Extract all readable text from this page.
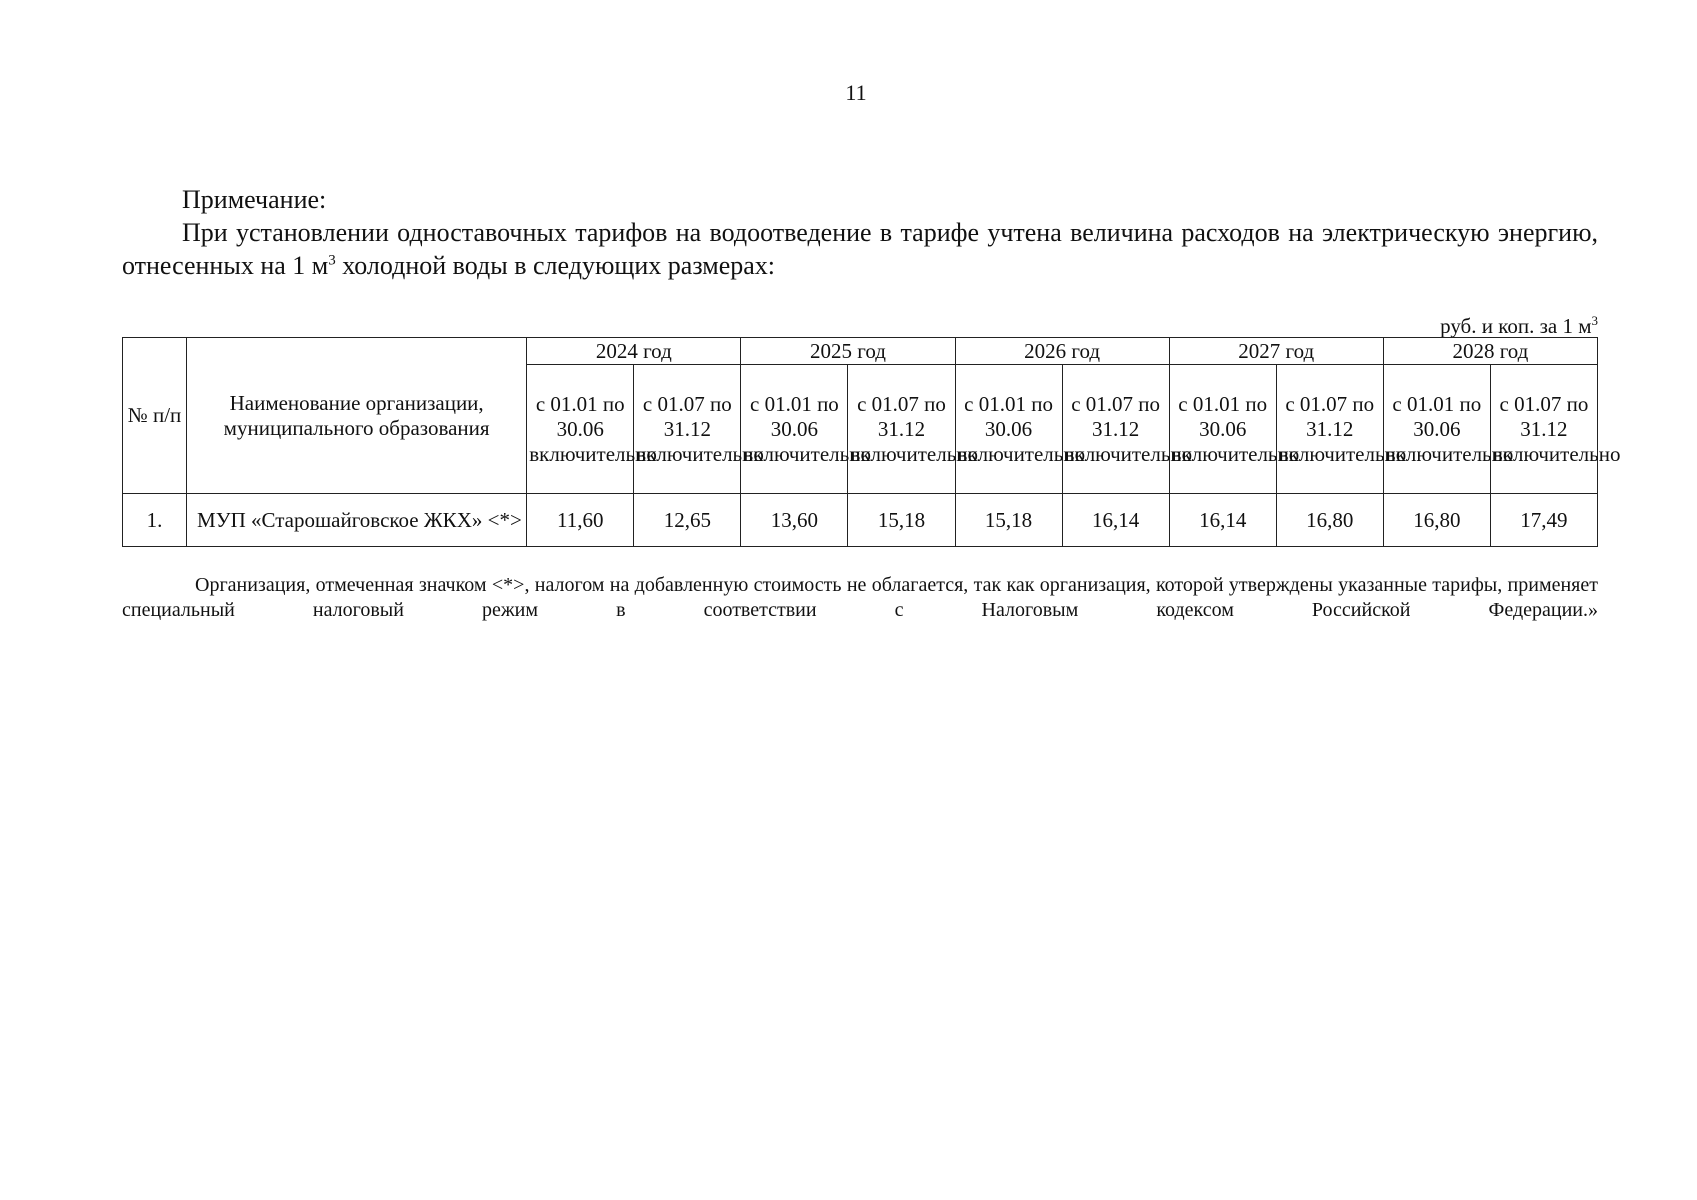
11
Примечание:
При установлении одноставочных тарифов на водоотведение в тарифе учтена величина расходов на электрическую энергию, отнесенных на 1 $м^3$ холодной воды в следующих размерах:
руб. и коп. за 1 $м^3$
№ п/п	Наименование организации, муниципального образования	2024 год		2025 год		2026 год		2027 год		2028 год	

		с 01.01 по 30.06 включительно	с 01.07 по 31.12 включительно	с 01.01 по 30.06 включительно	с 01.07 по 31.12 включительно	с 01.01 по 30.06 включительно	с 01.07 по 31.12 включительно	с 01.01 по 30.06 включительно	с 01.07 по 31.12 включительно	с 01.01 по 30.06 включительно	с 01.07 по 31.12 включительно

1.	МУП «Старошайговское ЖКХ» <*>	11,60	12,65	13,60	15,18	15,18	16,14	16,14	16,80	16,80	17,49
Организация, отмеченная значком <*>, налогом на добавленную стоимость не облагается, так как организация, которой утверждены указанные тарифы, применяет специальный налоговый режим в соответствии с Налоговым кодексом Российской Федерации.»
